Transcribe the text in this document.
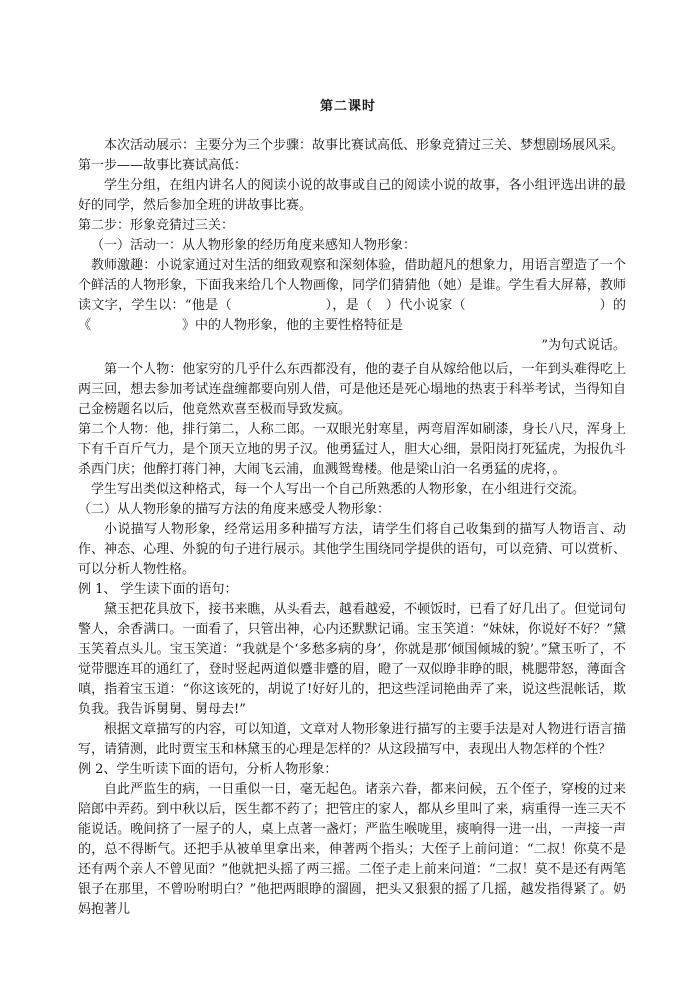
第二课时

本次活动展示：主要分为三个步骤：故事比赛试高低、形象竞猜过三关、梦想剧场展风采。

第一步——故事比赛试高低：

学生分组，在组内讲名人的阅读小说的故事或自己的阅读小说的故事，各小组评选出讲的最好的同学，然后参加全班的讲故事比赛。

第二步：形象竞猜过三关：

（一）活动一：从人物形象的经历角度来感知人物形象：

教师激趣：小说家通过对生活的细致观察和深刻体验，借助超凡的想象力，用语言塑造了一个个鲜活的人物形象，下面我来给几个人物画像，同学们猜猜他（她）是谁。学生看大屏幕，教师读文字，学生以：“他是（　　　　　　　），是（　）代小说家（　　　　　　　　　　）的《　　　　　　　》中的人物形象，他的主要性格特征是

”为句式说话。

第一个人物：他家穷的几乎什么东西都没有，他的妻子自从嫁给他以后，一年到头难得吃上两三回，想去参加考试连盘缠都要向别人借，可是他还是死心塌地的热衷于科举考试，当得知自己金榜题名以后，他竟然欢喜至极而导致发疯。

第二个人物：他，排行第二，人称二郎。一双眼光射寒星，两弯眉浑如刷漆，身长八尺，浑身上下有千百斤气力，是个顶天立地的男子汉。他勇猛过人，胆大心细，景阳岗打死猛虎，为报仇斗杀西门庆；他醉打蒋门神，大闹飞云浦，血溅鸳鸯楼。他是梁山泊一名勇猛的虎将，。

学生写出类似这种格式，每一个人写出一个自己所熟悉的人物形象，在小组进行交流。

（二）从人物形象的描写方法的角度来感受人物形象：

小说描写人物形象，经常运用多种描写方法，请学生们将自己收集到的描写人物语言、动作、神态、心理、外貌的句子进行展示。其他学生围绕同学提供的语句，可以竞猜、可以赏析、可以分析人物性格。

例 1、 学生读下面的语句：

黛玉把花具放下，接书来瞧，从头看去，越看越爱，不顿饭时，已看了好几出了。但觉词句警人，余香满口。一面看了，只管出神，心内还默默记诵。宝玉笑道：“妹妹，你说好不好？”黛玉笑着点头儿。宝玉笑道：“我就是个‘多愁多病的身’，你就是那‘倾国倾城的貌’。”黛玉听了，不觉带腮连耳的通红了，登时竖起两道似蹙非蹙的眉，瞪了一双似睁非睁的眼，桃腮带怒，薄面含嗔，指着宝玉道：“你这该死的，胡说了!好好儿的，把这些淫词艳曲弄了来，说这些混帐话，欺负我。我告诉舅舅、舅母去!”

根据文章描写的内容，可以知道，文章对人物形象进行描写的主要手法是对人物进行语言描写，请猜测，此时贾宝玉和林黛玉的心理是怎样的？从这段描写中，表现出人物怎样的个性？

例 2、学生听读下面的语句，分析人物形象：

自此严监生的病，一日重似一日，毫无起色。诸亲六眷，都来问候，五个侄子，穿梭的过来陪郎中弄药。到中秋以后，医生都不药了；把管庄的家人，都从乡里叫了来，病重得一连三天不能说话。晚间挤了一屋子的人，桌上点著一盏灯；严监生喉咙里，痰响得一进一出，一声接一声的，总不得断气。还把手从被单里拿出来，伸著两个指头；大侄子上前问道：“二叔！你莫不是还有两个亲人不曾见面？”他就把头摇了两三摇。二侄子走上前来问道：“二叔！莫不是还有两笔银子在那里，不曾吩咐明白？”他把两眼睁的溜圆，把头又狠狠的摇了几摇，越发指得紧了。奶妈抱著儿
